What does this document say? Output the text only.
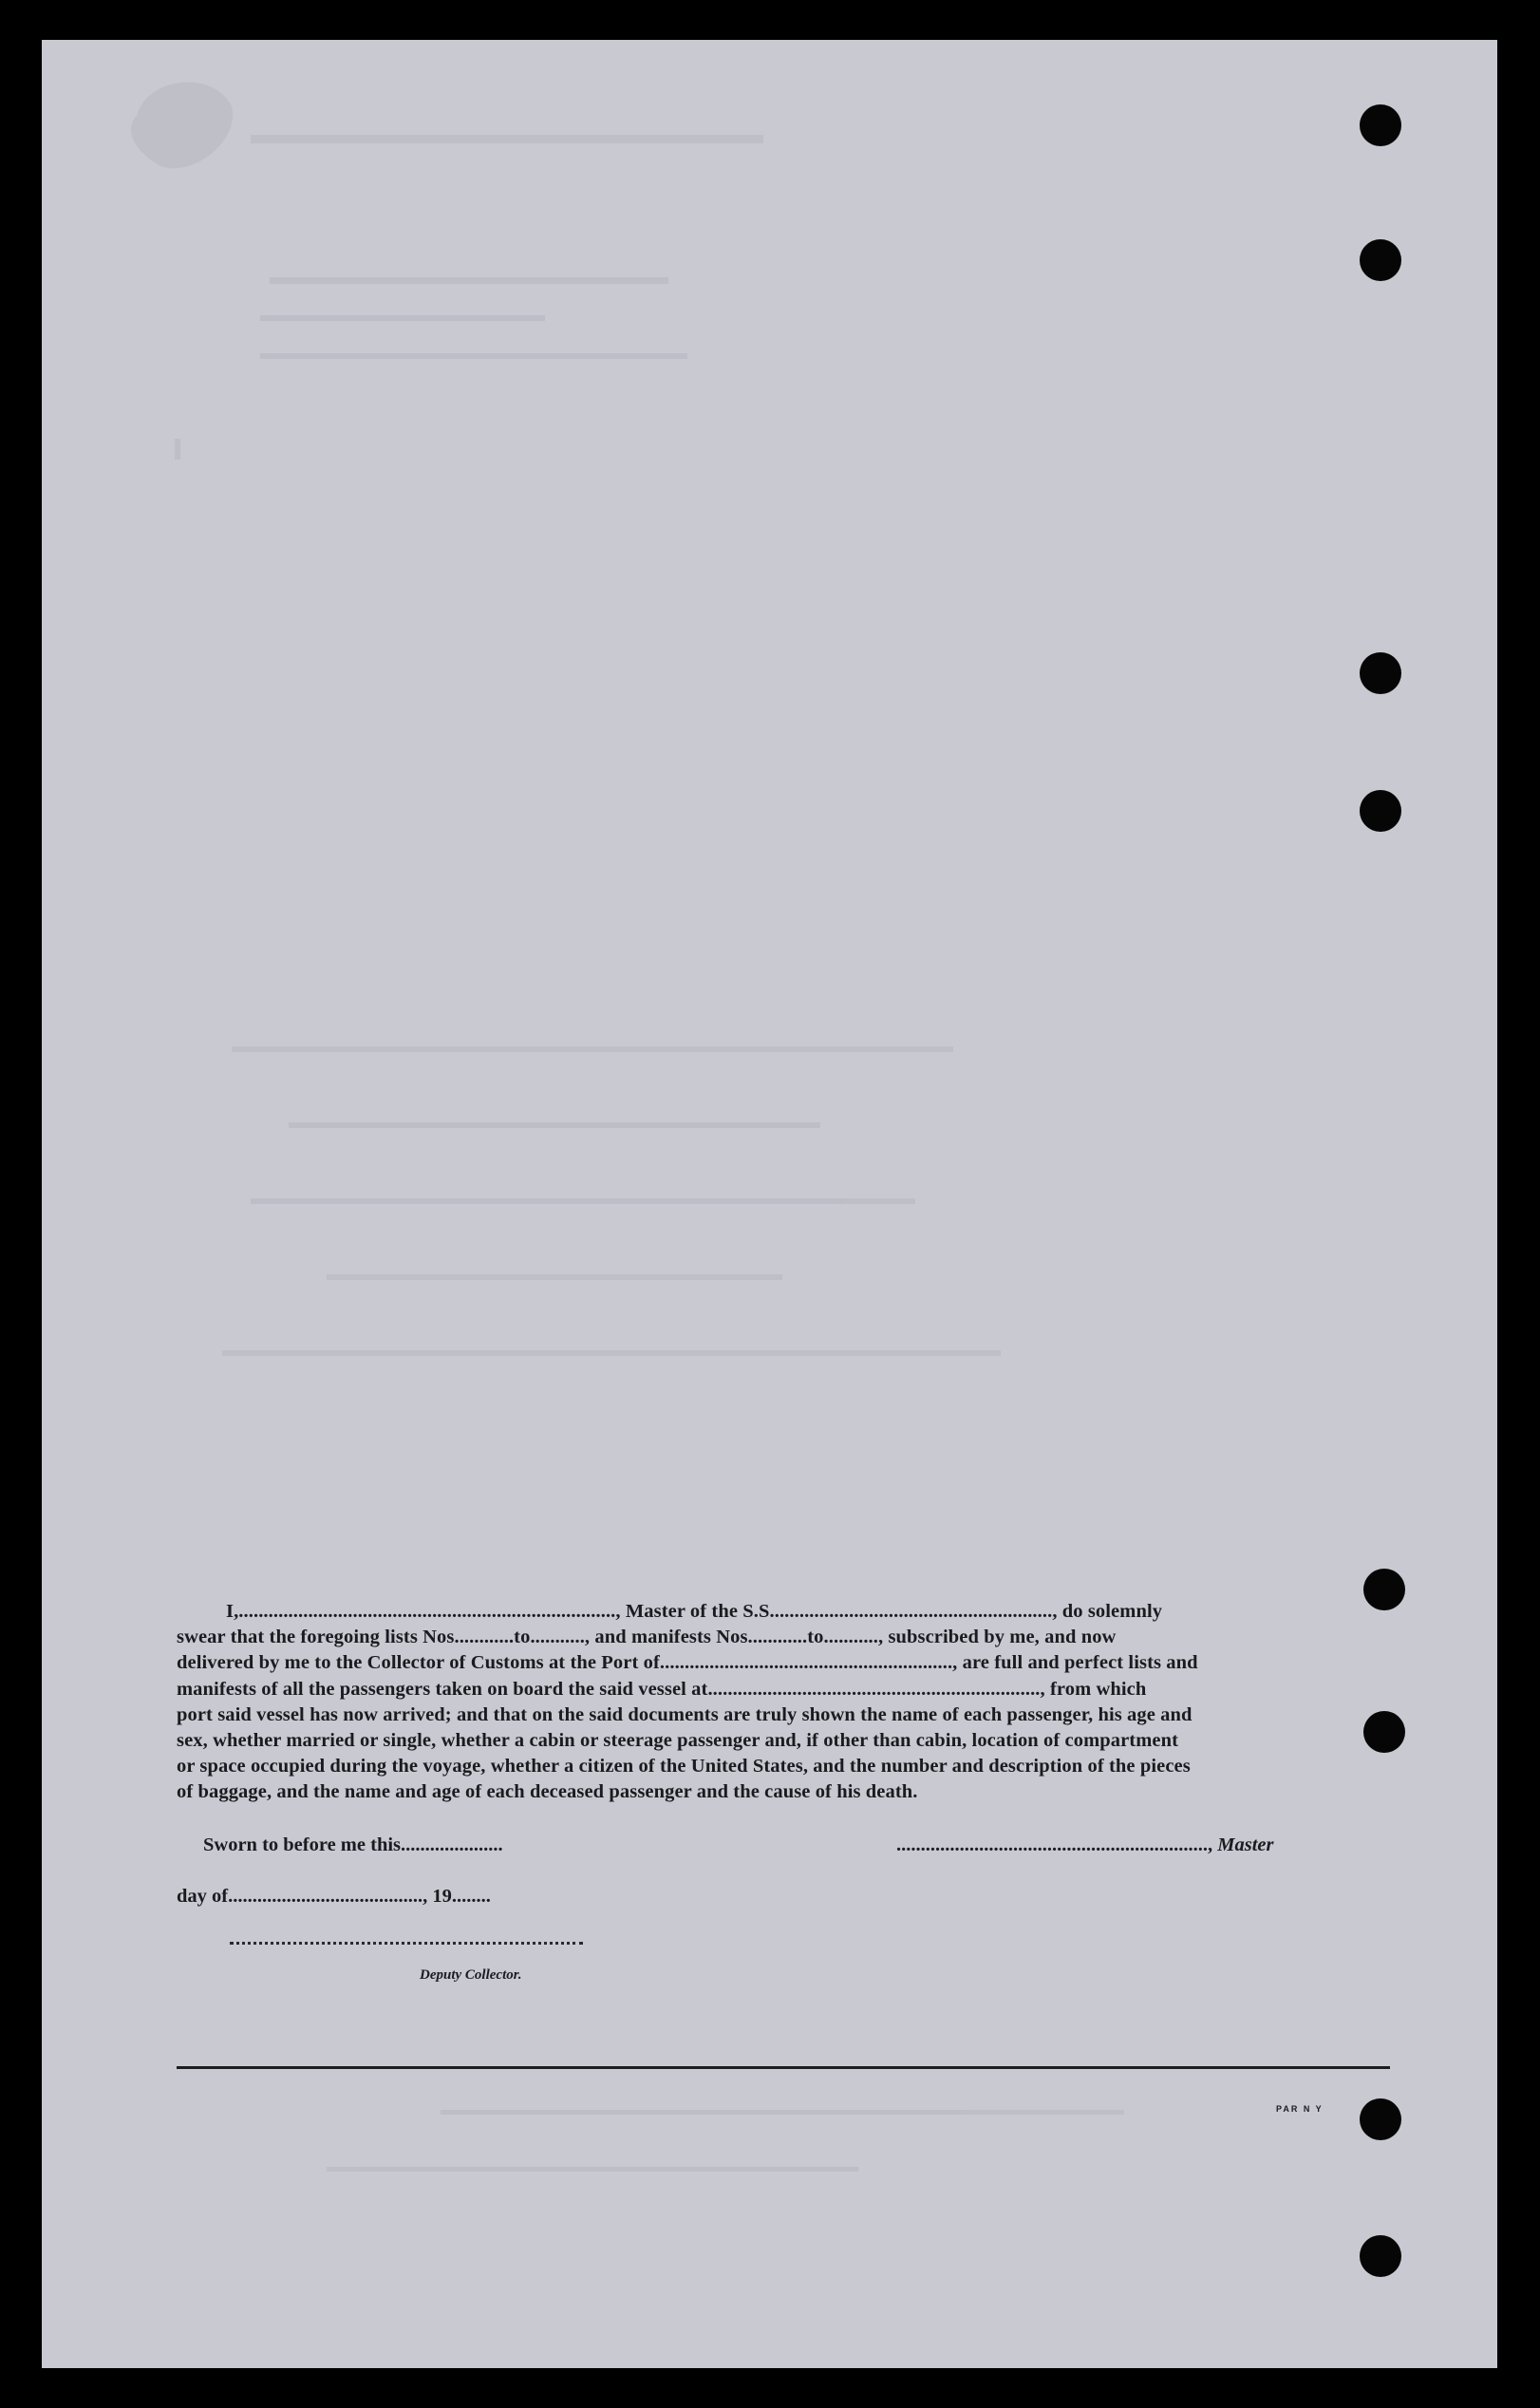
I,............................................................................, Master of the S.S........................................................., do solemnly
swear that the foregoing lists Nos............to..........., and manifests Nos............to..........., subscribed by me, and now
delivered by me to the Collector of Customs at the Port of..........................................................., are full and perfect lists and
manifests of all the passengers taken on board the said vessel at..................................................................., from which
port said vessel has now arrived; and that on the said documents are truly shown the name of each passenger, his age and
sex, whether married or single, whether a cabin or steerage passenger and, if other than cabin, location of compartment
or space occupied during the voyage, whether a citizen of the United States, and the number and description of the pieces
of baggage, and the name and age of each deceased passenger and the cause of his death.
Sworn to before me this.....................	................................................................, Master
day of........................................, 19........
Deputy Collector.
PAR N Y
